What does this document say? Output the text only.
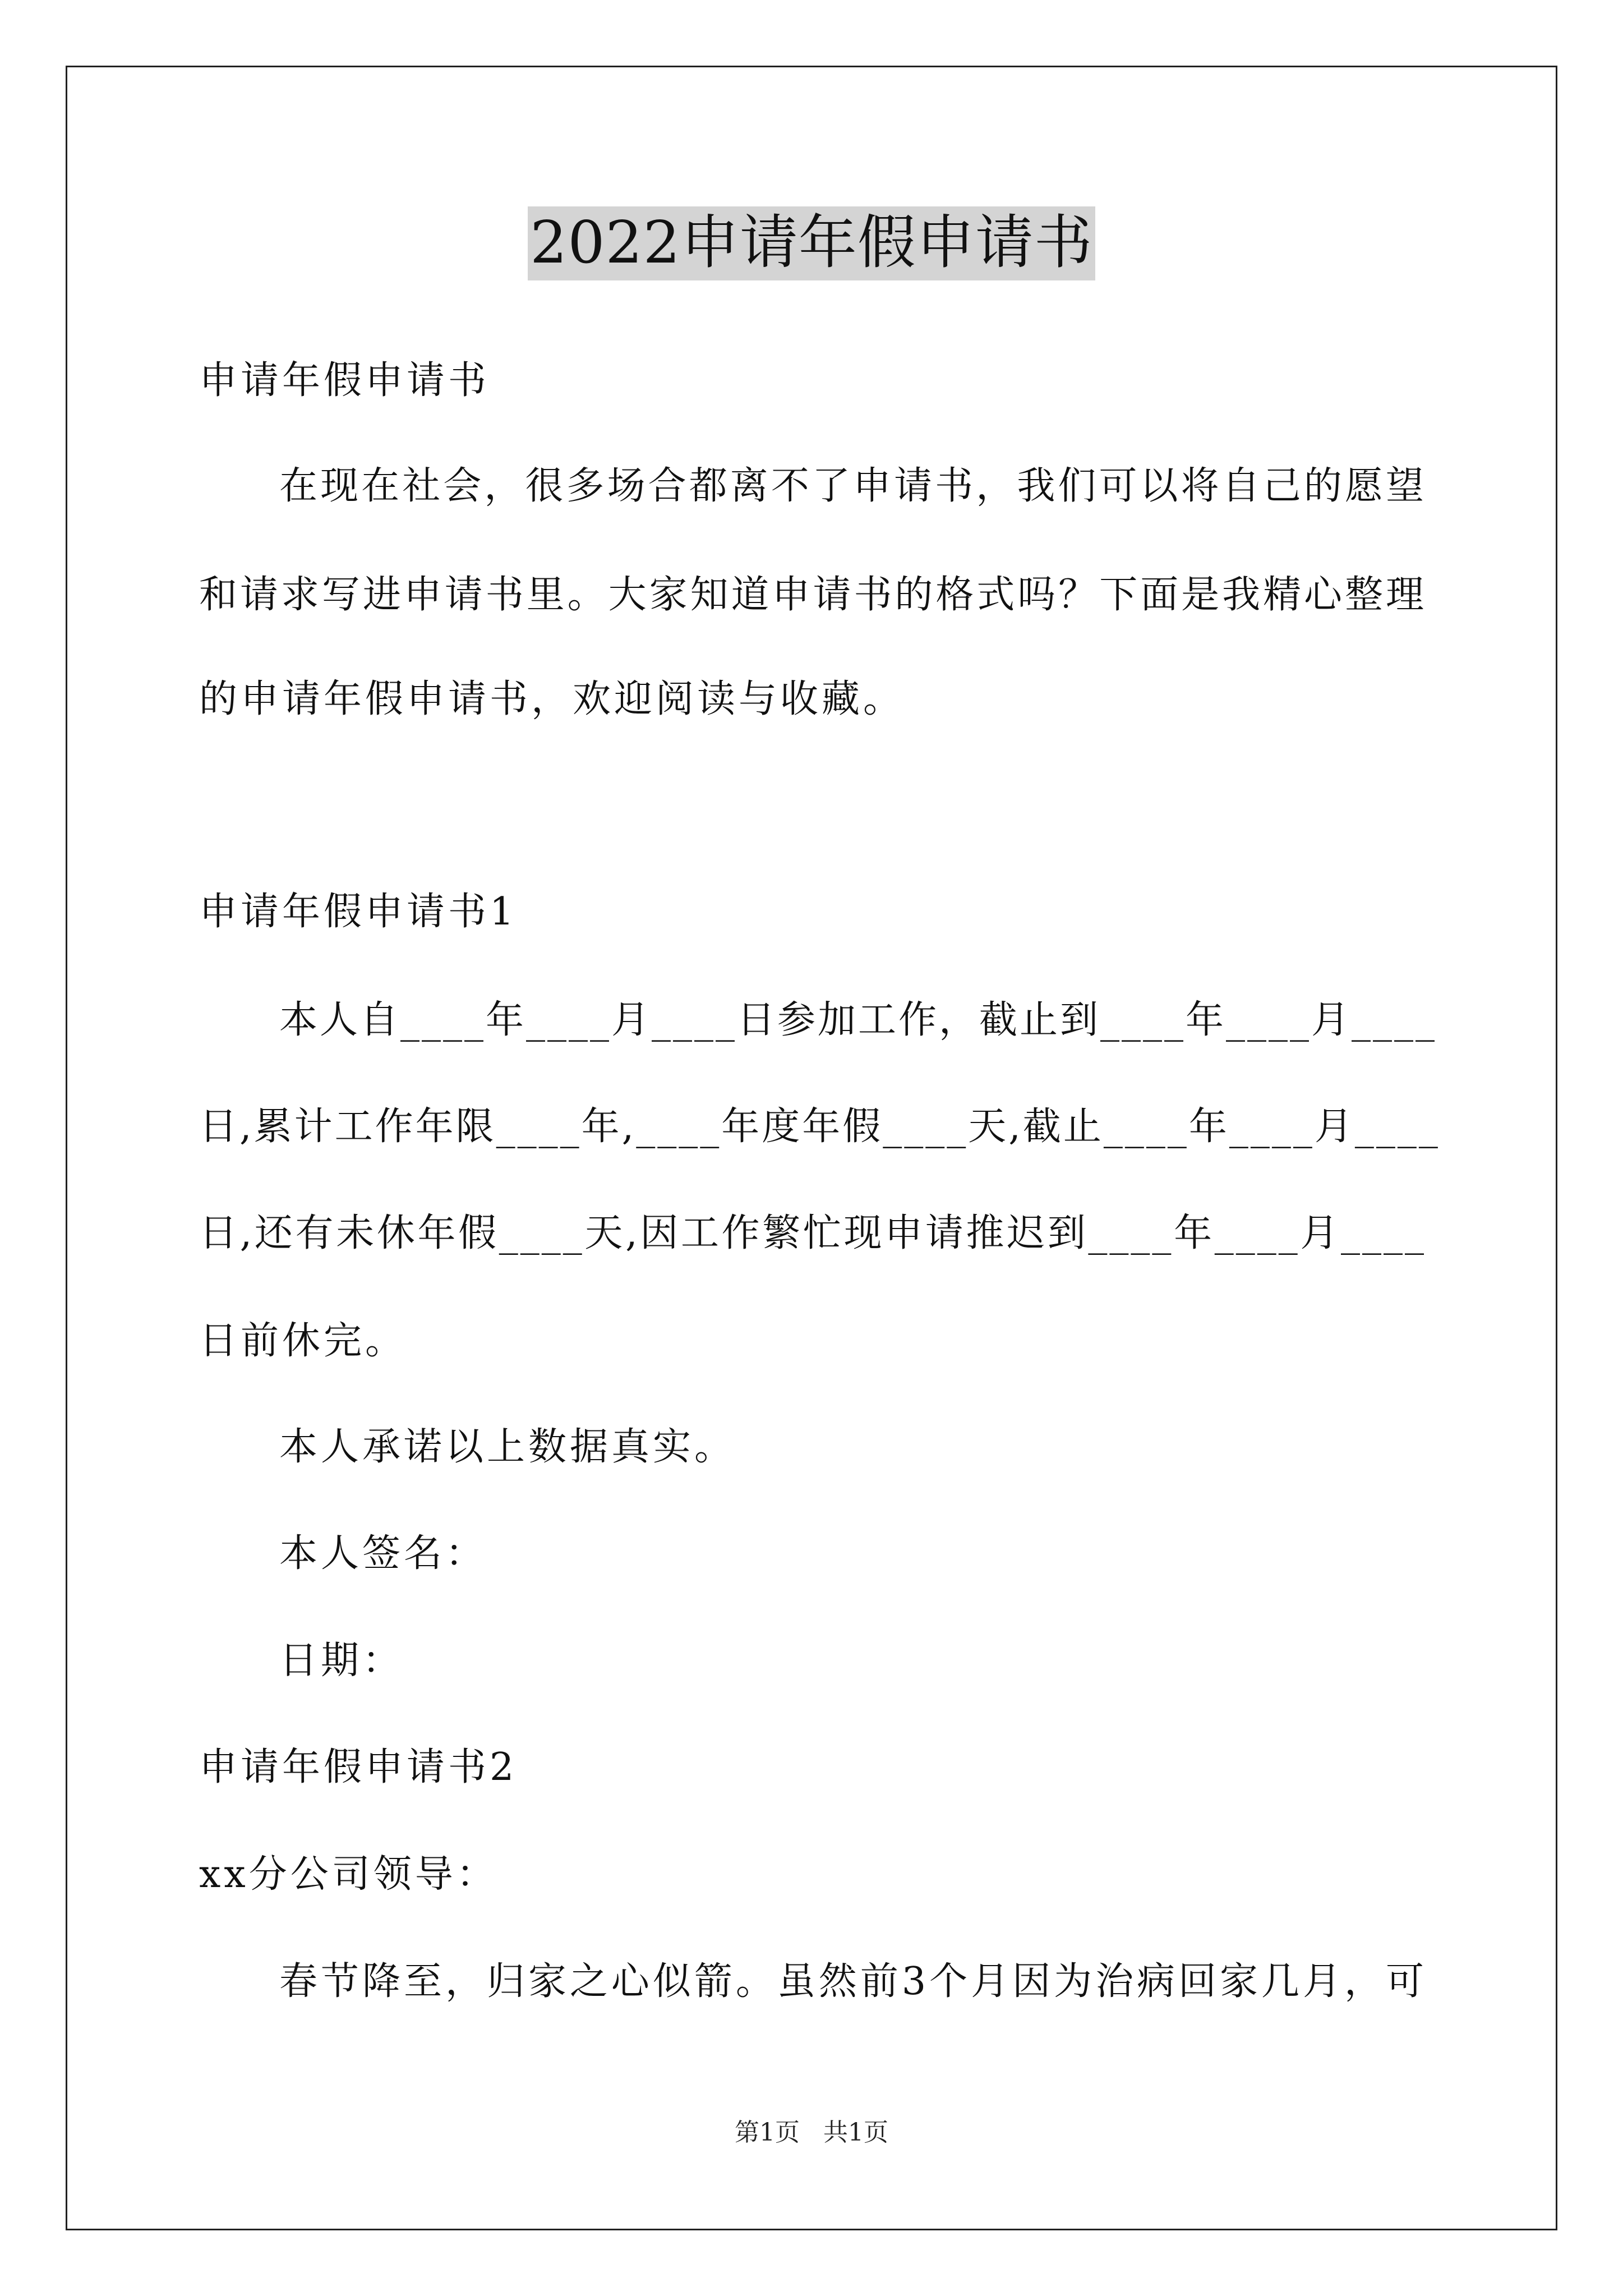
2022申请年假申请书
申请年假申请书
在现在社会，很多场合都离不了申请书，我们可以将自己的愿望
和请求写进申请书里。大家知道申请书的格式吗？下面是我精心整理
的申请年假申请书，欢迎阅读与收藏。
申请年假申请书1
本人自____年____月____日参加工作，截止到____年____月____
日,累计工作年限____年,____年度年假____天,截止____年____月____
日,还有未休年假____天,因工作繁忙现申请推迟到____年____月____
日前休完。
本人承诺以上数据真实。
本人签名：
日期：
申请年假申请书2
xx分公司领导：
春节降至，归家之心似箭。虽然前3个月因为治病回家几月，可
第1页   共1页
